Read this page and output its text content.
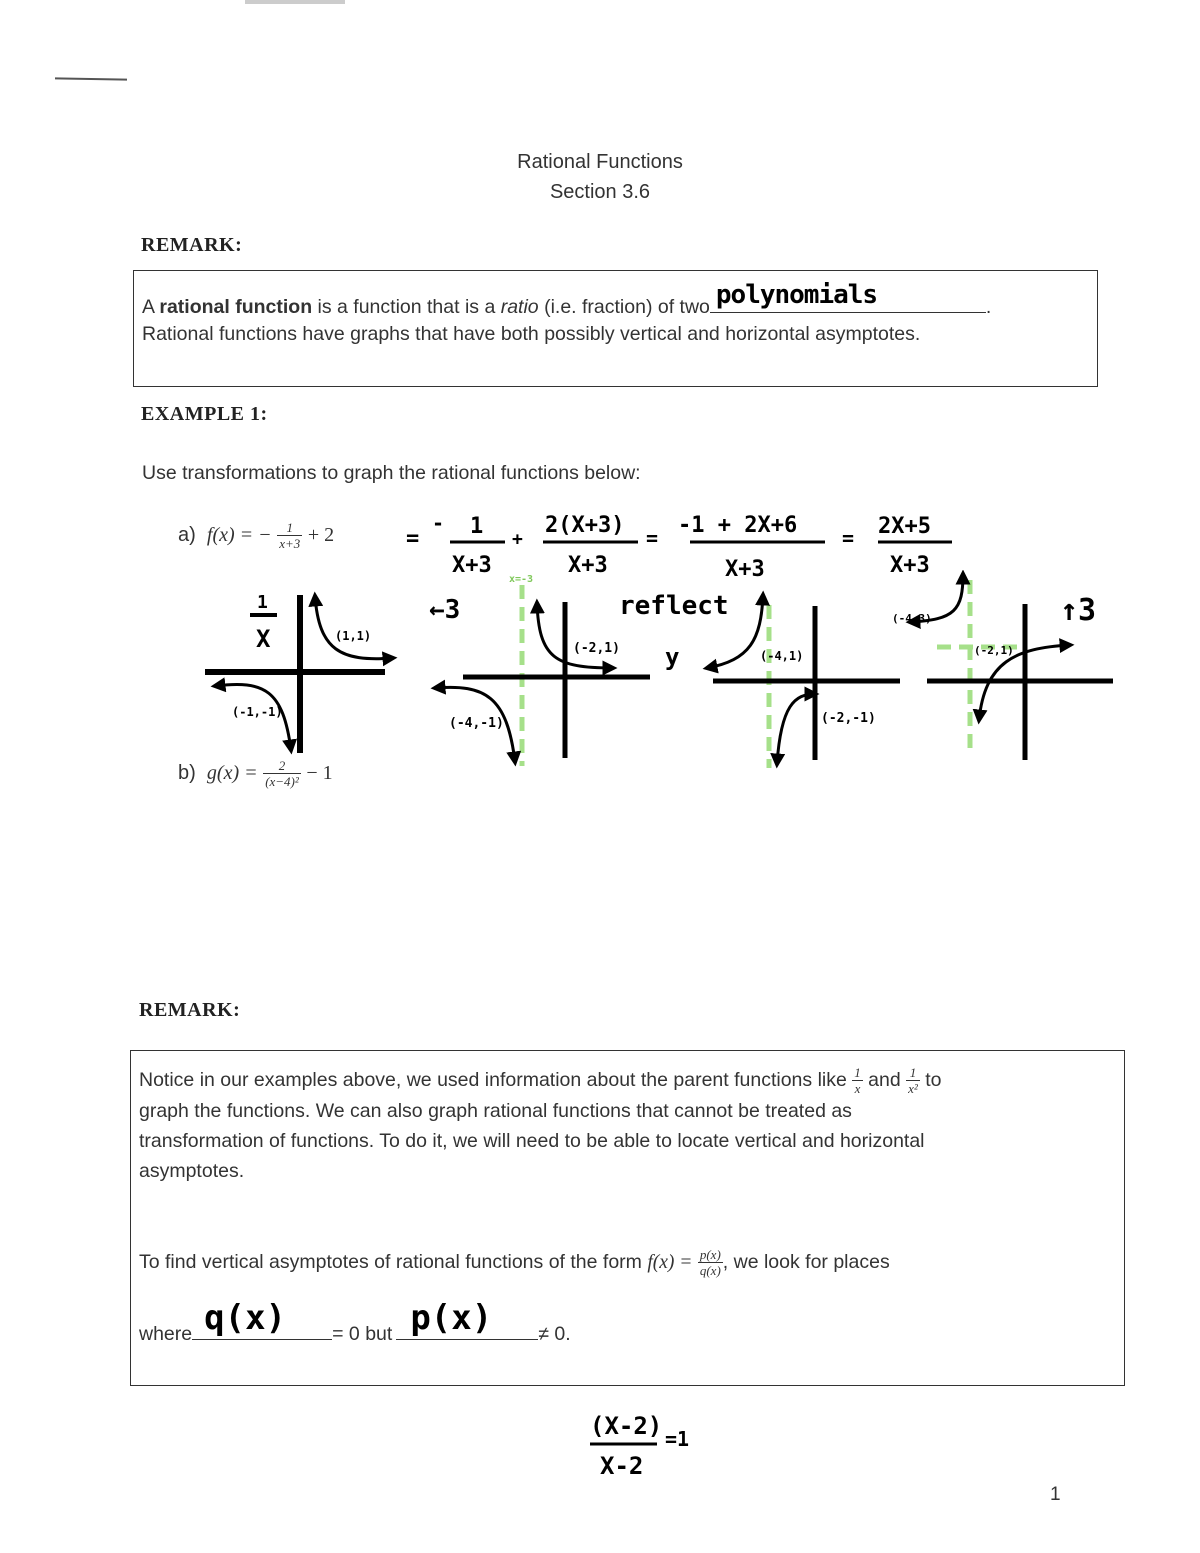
Rational Functions
Section 3.6
REMARK:
A rational function is a function that is a ratio (i.e. fraction) of two polynomials	.
Rational functions have graphs that have both possibly vertical and horizontal asymptotes.
EXAMPLE 1:
Use transformations to graph the rational functions below:
a) f(x) = − $\frac{1}{x+3} + 2$	=
- 1
X+3
+
2(X+3)
X+3
= -1 + 2X+6
X+3
= 2X+5
X+3
1
X	(1,1)
(-1,-1)
←3
x=-3
(-2,1)
(-4,-1)
reflect
y	(-4,1)
(-2,-1)
↑3
(-4,3)
(-2,1)
b) $g(x) = \frac{2}{\text{(x−4)²}} - 1$
REMARK:
Notice in our examples above, we used information about the parent functions like $\frac{1}{x}$ and $\frac{1}{\text{x²}}$ to
graph the functions. We can also graph rational functions that cannot be treated as
transformation of functions. To do it, we will need to be able to locate vertical and horizontal
asymptotes.
To find vertical asymptotes of rational functions of the form $f(x) = \frac{p(x)}{q(x)}$ , we look for places
where q(x) = 0 but p(x) ≠ 0.
(X-2)
X-2
=1
1
